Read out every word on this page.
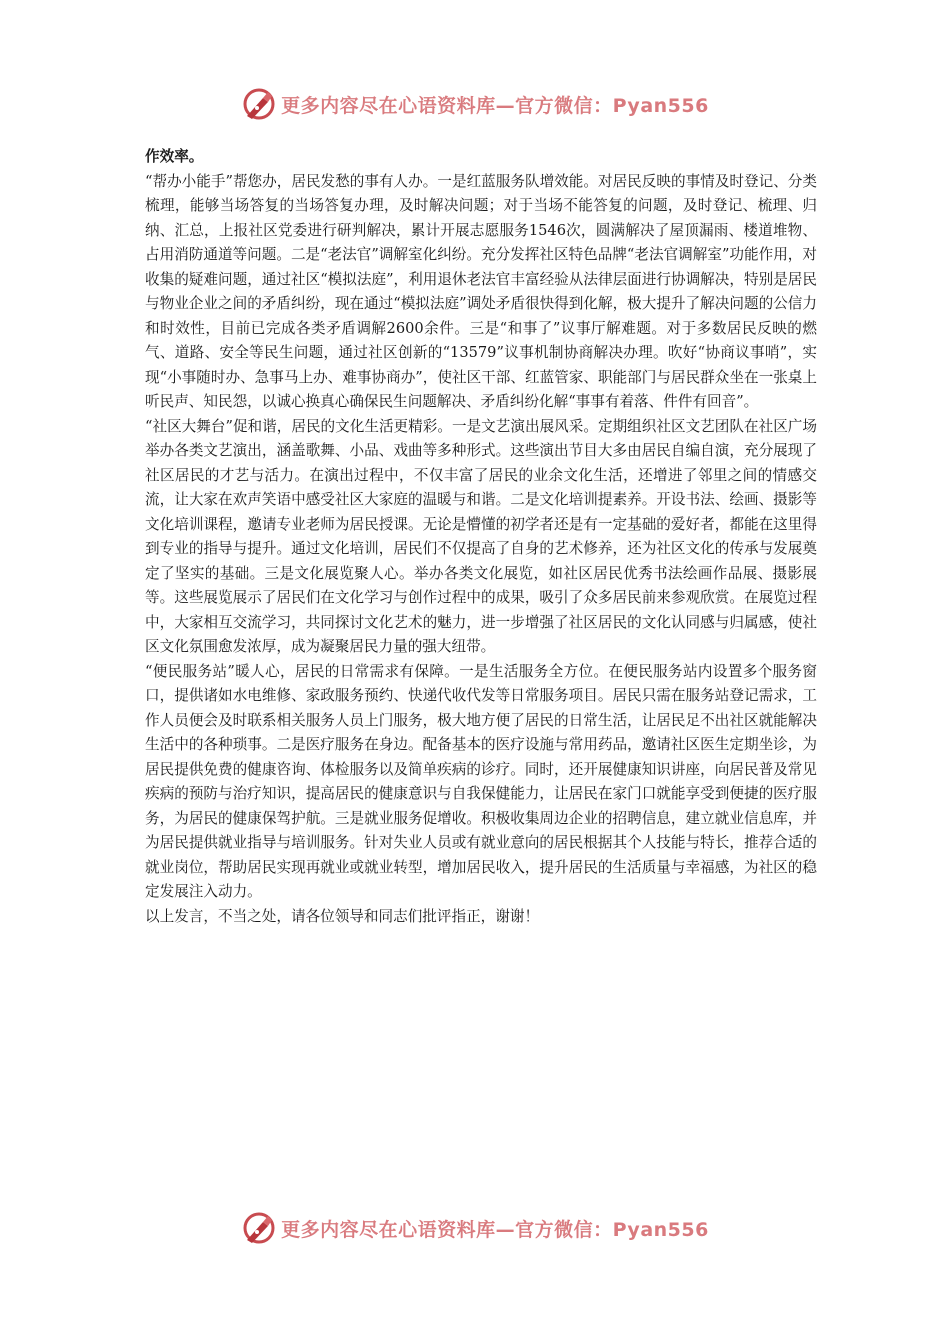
更多内容尽在心语资料库—官方微信：Pyan556

作效率。

“帮办小能手”帮您办，居民发愁的事有人办。一是红蓝服务队增效能。对居民反映的事情及时登记、分类梳理，能够当场答复的当场答复办理，及时解决问题；对于当场不能答复的问题，及时登记、梳理、归纳、汇总，上报社区党委进行研判解决，累计开展志愿服务1546次，圆满解决了屋顶漏雨、楼道堆物、占用消防通道等问题。二是“老法官”调解室化纠纷。充分发挥社区特色品牌“老法官调解室”功能作用，对收集的疑难问题，通过社区“模拟法庭”，利用退休老法官丰富经验从法律层面进行协调解决，特别是居民与物业企业之间的矛盾纠纷，现在通过“模拟法庭”调处矛盾很快得到化解，极大提升了解决问题的公信力和时效性，目前已完成各类矛盾调解2600余件。三是“和事了”议事厅解难题。对于多数居民反映的燃气、道路、安全等民生问题，通过社区创新的“13579”议事机制协商解决办理。吹好“协商议事哨”，实现“小事随时办、急事马上办、难事协商办”，使社区干部、红蓝管家、职能部门与居民群众坐在一张桌上听民声、知民怨，以诚心换真心确保民生问题解决、矛盾纠纷化解“事事有着落、件件有回音”。

“社区大舞台”促和谐，居民的文化生活更精彩。一是文艺演出展风采。定期组织社区文艺团队在社区广场举办各类文艺演出，涵盖歌舞、小品、戏曲等多种形式。这些演出节目大多由居民自编自演，充分展现了社区居民的才艺与活力。在演出过程中，不仅丰富了居民的业余文化生活，还增进了邻里之间的情感交流，让大家在欢声笑语中感受社区大家庭的温暖与和谐。二是文化培训提素养。开设书法、绘画、摄影等文化培训课程，邀请专业老师为居民授课。无论是懵懂的初学者还是有一定基础的爱好者，都能在这里得到专业的指导与提升。通过文化培训，居民们不仅提高了自身的艺术修养，还为社区文化的传承与发展奠定了坚实的基础。三是文化展览聚人心。举办各类文化展览，如社区居民优秀书法绘画作品展、摄影展等。这些展览展示了居民们在文化学习与创作过程中的成果，吸引了众多居民前来参观欣赏。在展览过程中，大家相互交流学习，共同探讨文化艺术的魅力，进一步增强了社区居民的文化认同感与归属感，使社区文化氛围愈发浓厚，成为凝聚居民力量的强大纽带。

“便民服务站”暖人心，居民的日常需求有保障。一是生活服务全方位。在便民服务站内设置多个服务窗口，提供诸如水电维修、家政服务预约、快递代收代发等日常服务项目。居民只需在服务站登记需求，工作人员便会及时联系相关服务人员上门服务，极大地方便了居民的日常生活，让居民足不出社区就能解决生活中的各种琐事。二是医疗服务在身边。配备基本的医疗设施与常用药品，邀请社区医生定期坐诊，为居民提供免费的健康咨询、体检服务以及简单疾病的诊疗。同时，还开展健康知识讲座，向居民普及常见疾病的预防与治疗知识，提高居民的健康意识与自我保健能力，让居民在家门口就能享受到便捷的医疗服务，为居民的健康保驾护航。三是就业服务促增收。积极收集周边企业的招聘信息，建立就业信息库，并为居民提供就业指导与培训服务。针对失业人员或有就业意向的居民根据其个人技能与特长，推荐合适的就业岗位，帮助居民实现再就业或就业转型，增加居民收入，提升居民的生活质量与幸福感，为社区的稳定发展注入动力。

以上发言，不当之处，请各位领导和同志们批评指正，谢谢！

更多内容尽在心语资料库—官方微信：Pyan556
